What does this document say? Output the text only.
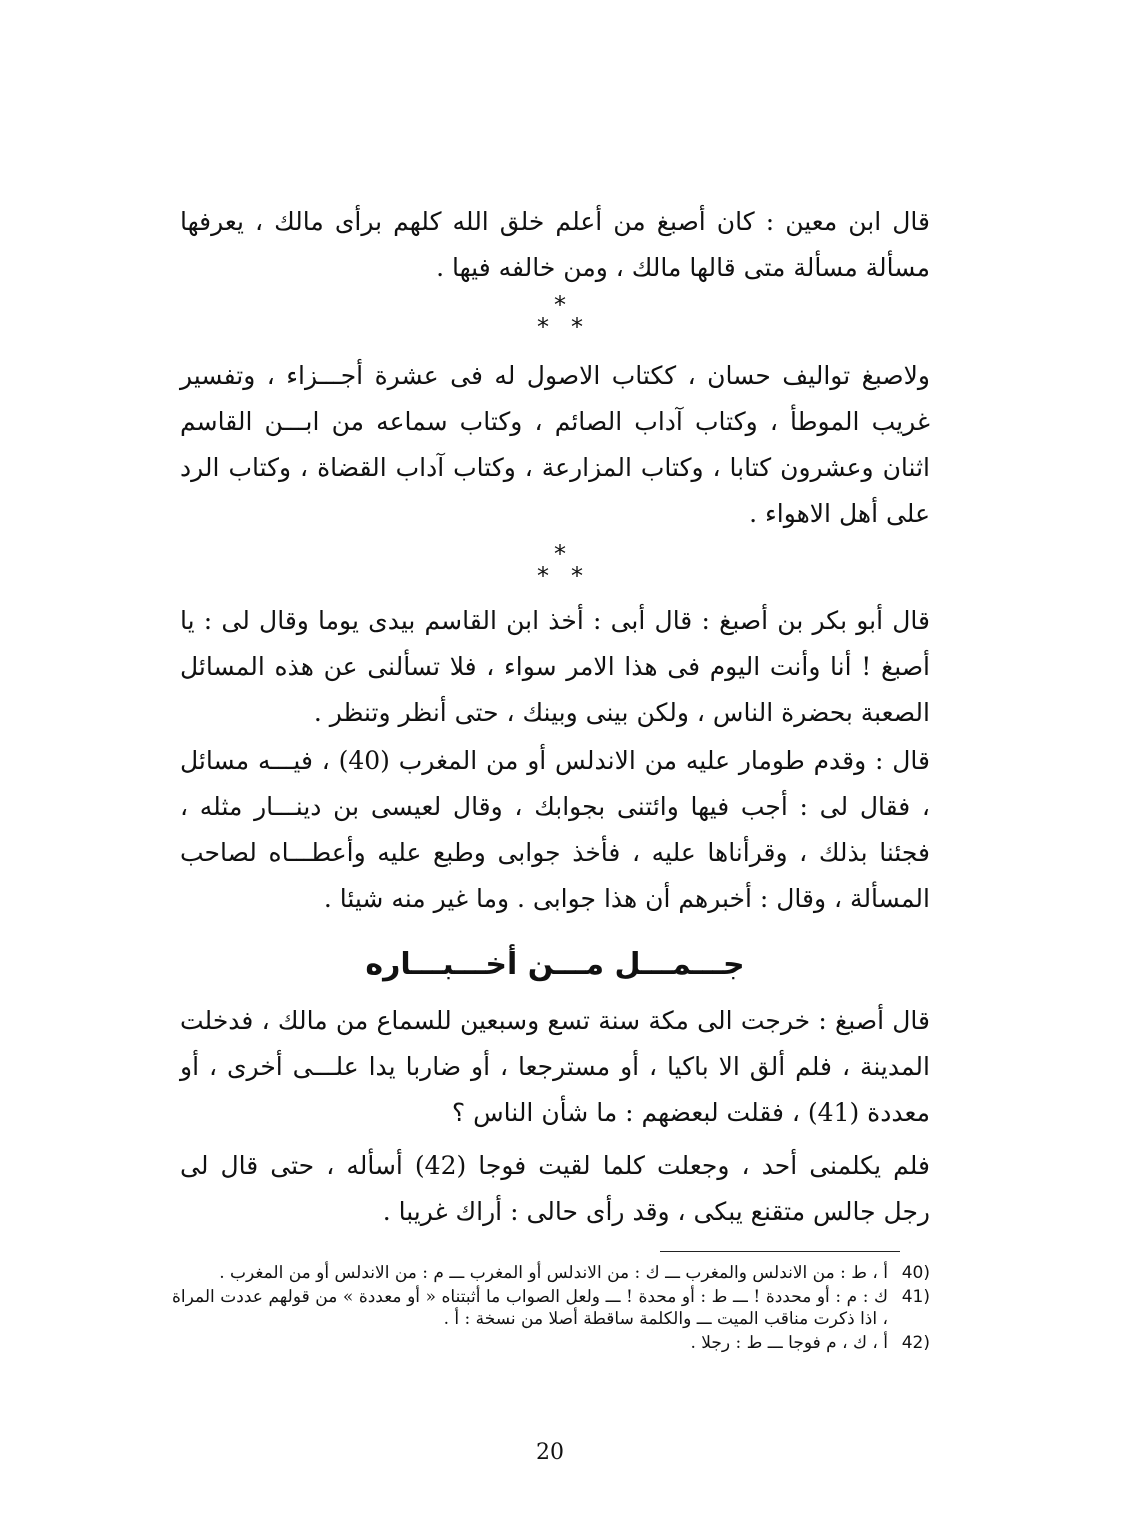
قال ابن معين : كان أصبغ من أعلم خلق الله كلهم برأى مالك ، يعرفها مسألة مسألة متى قالها مالك ، ومن خالفه فيها .

*
**

ولاصبغ تواليف حسان ، ككتاب الاصول له فى عشرة أجـــزاء ، وتفسير غريب الموطأ ، وكتاب آداب الصائم ، وكتاب سماعه من ابـــن القاسم اثنان وعشرون كتابا ، وكتاب المزارعة ، وكتاب آداب القضاة ، وكتاب الرد على أهل الاهواء .

*
**

قال أبو بكر بن أصبغ : قال أبى : أخذ ابن القاسم بيدى يوما وقال لى : يا أصبغ ! أنا وأنت اليوم فى هذا الامر سواء ، فلا تسألنى عن هذه المسائل الصعبة بحضرة الناس ، ولكن بينى وبينك ، حتى أنظر وتنظر .

قال : وقدم طومار عليه من الاندلس أو من المغرب (40) ، فيـــه مسائل ، فقال لى : أجب فيها وائتنى بجوابك ، وقال لعيسى بن دينـــار مثله ، فجئنا بذلك ، وقرأناها عليه ، فأخذ جوابى وطبع عليه وأعطـــاه لصاحب المسألة ، وقال : أخبرهم أن هذا جوابى . وما غير منه شيئا .

جـــمـــل مـــن أخـــبـــاره

قال أصبغ : خرجت الى مكة سنة تسع وسبعين للسماع من مالك ، فدخلت المدينة ، فلم ألق الا باكيا ، أو مسترجعا ، أو ضاربا يدا علـــى أخرى ، أو معددة (41) ، فقلت لبعضهم : ما شأن الناس ؟

فلم يكلمنى أحد ، وجعلت كلما لقيت فوجا (42) أسأله ، حتى قال لى رجل جالس متقنع يبكى ، وقد رأى حالى : أراك غريبا .

40)
أ ، ط : من الاندلس والمغرب ـــ ك : من الاندلس أو المغرب ـــ م : من الاندلس أو من المغرب .
41)
ك : م : أو محددة ! ـــ ط : أو محدة ! ـــ ولعل الصواب ما أثبتناه « أو معددة » من قولهم عددت المراة ، اذا ذكرت مناقب الميت ـــ والكلمة ساقطة أصلا من نسخة : أ .
42)
أ ، ك ، م فوجا ـــ ط : رجلا .
20
